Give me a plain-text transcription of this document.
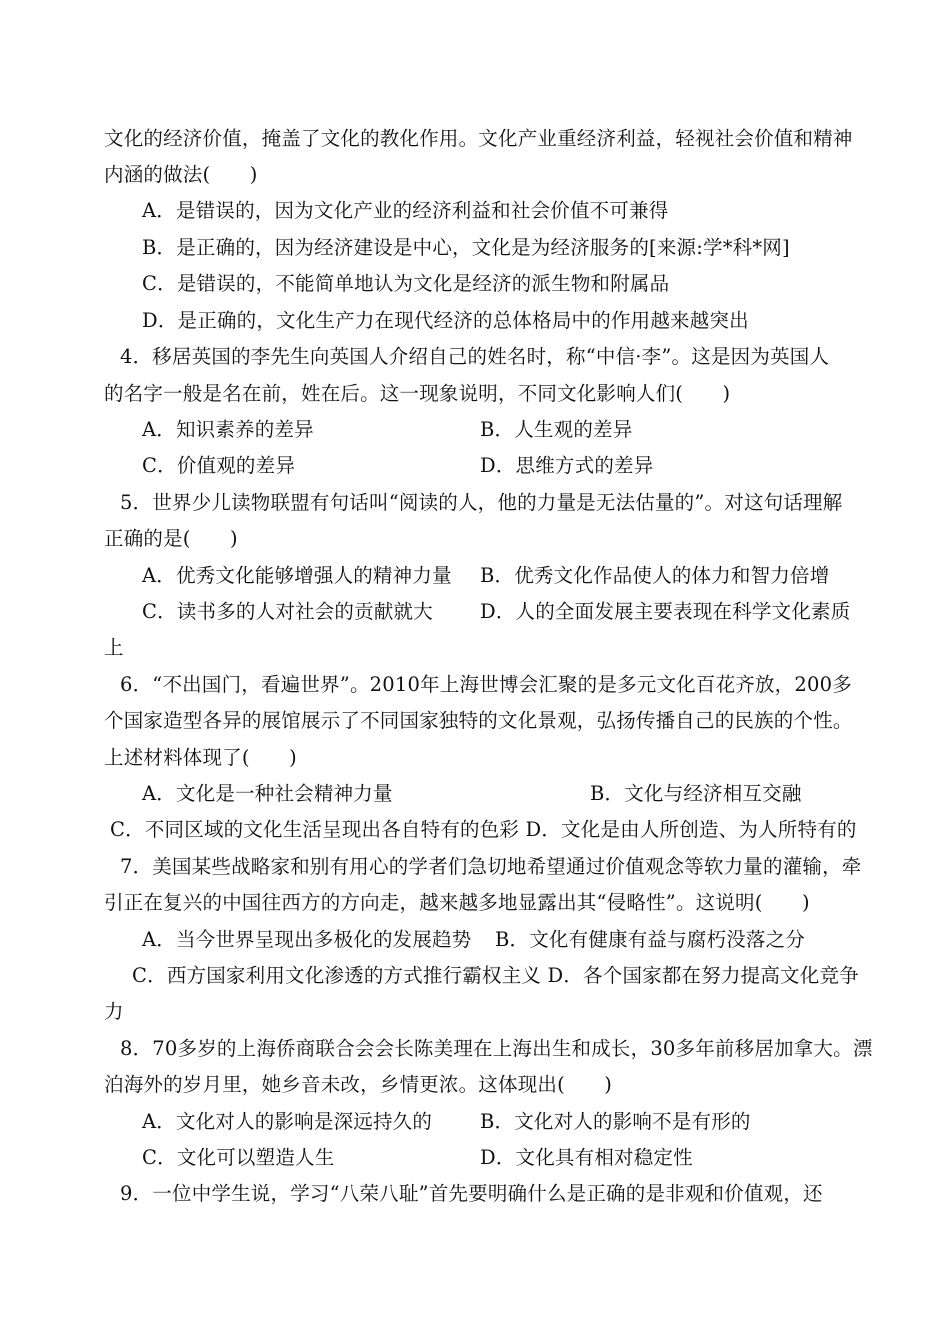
文化的经济价值，掩盖了文化的教化作用。文化产业重经济利益，轻视社会价值和精神
内涵的做法(　　)
A．是错误的，因为文化产业的经济利益和社会价值不可兼得
B．是正确的，因为经济建设是中心，文化是为经济服务的[来源:学*科*网]
C．是错误的，不能简单地认为文化是经济的派生物和附属品
D．是正确的，文化生产力在现代经济的总体格局中的作用越来越突出
4．移居英国的李先生向英国人介绍自己的姓名时，称“中信·李”。这是因为英国人
的名字一般是名在前，姓在后。这一现象说明，不同文化影响人们(　　)
A．知识素养的差异	B．人生观的差异
C．价值观的差异	D．思维方式的差异
5．世界少儿读物联盟有句话叫“阅读的人，他的力量是无法估量的”。对这句话理解
正确的是(　　)
A．优秀文化能够增强人的精神力量 B．优秀文化作品使人的体力和智力倍增
C．读书多的人对社会的贡献就大 D．人的全面发展主要表现在科学文化素质
上
6．“不出国门，看遍世界”。2010年上海世博会汇聚的是多元文化百花齐放，200多
个国家造型各异的展馆展示了不同国家独特的文化景观，弘扬传播自己的民族的个性。
上述材料体现了(　　)
A．文化是一种社会精神力量	B．文化与经济相互交融
C．不同区域的文化生活呈现出各自特有的色彩 D．文化是由人所创造、为人所特有的
7．美国某些战略家和别有用心的学者们急切地希望通过价值观念等软力量的灌输，牵
引正在复兴的中国往西方的方向走，越来越多地显露出其“侵略性”。这说明(　　)
A．当今世界呈现出多极化的发展趋势 B．文化有健康有益与腐朽没落之分
C．西方国家利用文化渗透的方式推行霸权主义 D．各个国家都在努力提高文化竞争
力
8．70多岁的上海侨商联合会会长陈美理在上海出生和成长，30多年前移居加拿大。漂
泊海外的岁月里，她乡音未改，乡情更浓。这体现出(　　)
A．文化对人的影响是深远持久的 B．文化对人的影响不是有形的
C．文化可以塑造人生	D．文化具有相对稳定性
9．一位中学生说，学习“八荣八耻”首先要明确什么是正确的是非观和价值观，还
